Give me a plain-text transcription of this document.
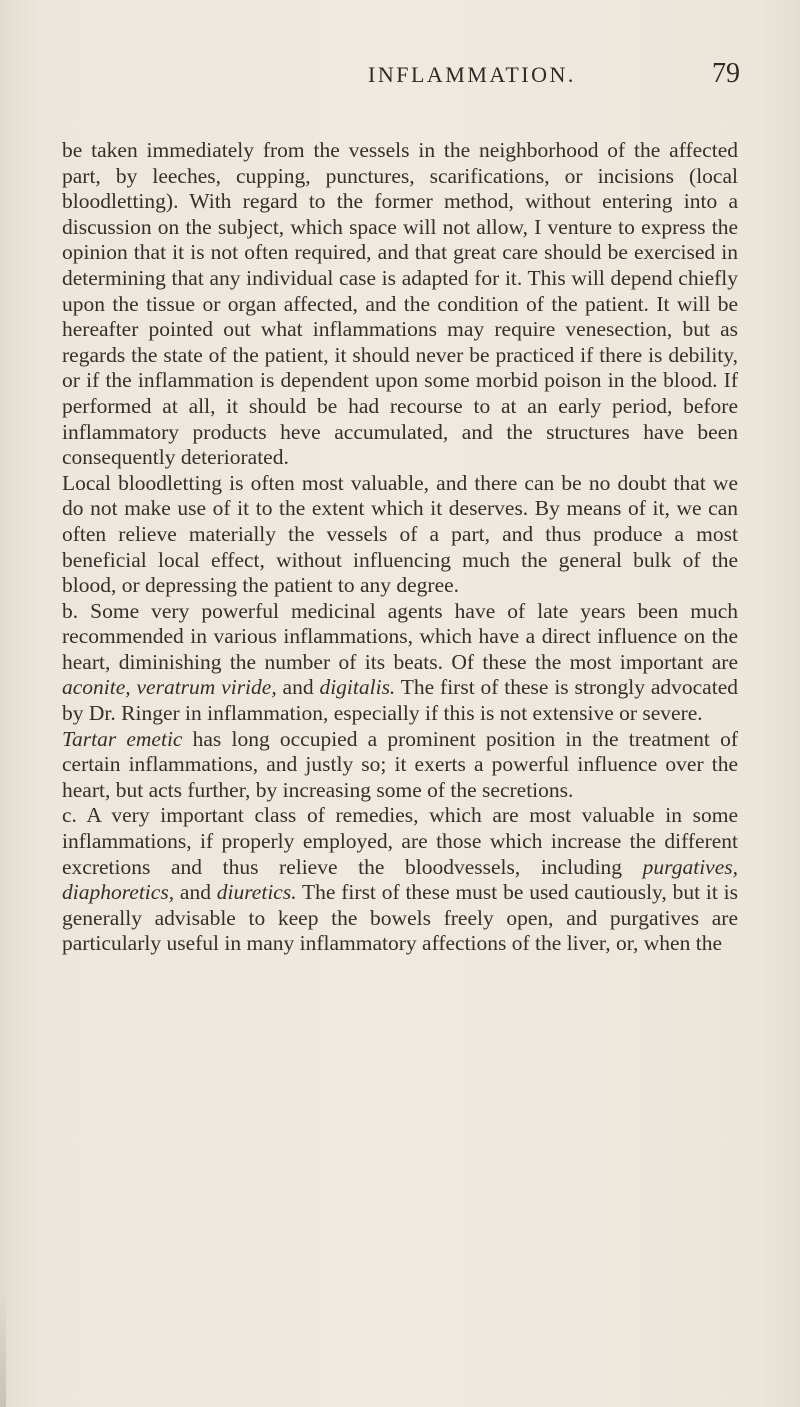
INFLAMMATION.	79

be taken immediately from the vessels in the neighborhood of the affected part, by leeches, cupping, punctures, scarifications, or incisions (local bloodletting). With regard to the former method, without entering into a discussion on the subject, which space will not allow, I venture to express the opinion that it is not often required, and that great care should be exercised in determining that any individual case is adapted for it. This will depend chiefly upon the tissue or organ affected, and the condition of the patient. It will be hereafter pointed out what inflammations may require venesection, but as regards the state of the patient, it should never be practiced if there is debility, or if the inflammation is dependent upon some morbid poison in the blood. If performed at all, it should be had recourse to at an early period, before inflammatory products heve accumulated, and the structures have been consequently deteriorated.

Local bloodletting is often most valuable, and there can be no doubt that we do not make use of it to the extent which it deserves. By means of it, we can often relieve materially the vessels of a part, and thus produce a most beneficial local effect, without influencing much the general bulk of the blood, or depressing the patient to any degree.

b. Some very powerful medicinal agents have of late years been much recommended in various inflammations, which have a direct influence on the heart, diminishing the number of its beats. Of these the most important are aconite, veratrum viride, and digitalis. The first of these is strongly advocated by Dr. Ringer in inflammation, especially if this is not extensive or severe.

Tartar emetic has long occupied a prominent position in the treatment of certain inflammations, and justly so; it exerts a powerful influence over the heart, but acts further, by increasing some of the secretions.

c. A very important class of remedies, which are most valuable in some inflammations, if properly employed, are those which increase the different excretions and thus relieve the bloodvessels, including purgatives, diaphoretics, and diuretics. The first of these must be used cautiously, but it is generally advisable to keep the bowels freely open, and purgatives are particularly useful in many inflammatory affections of the liver, or, when the
